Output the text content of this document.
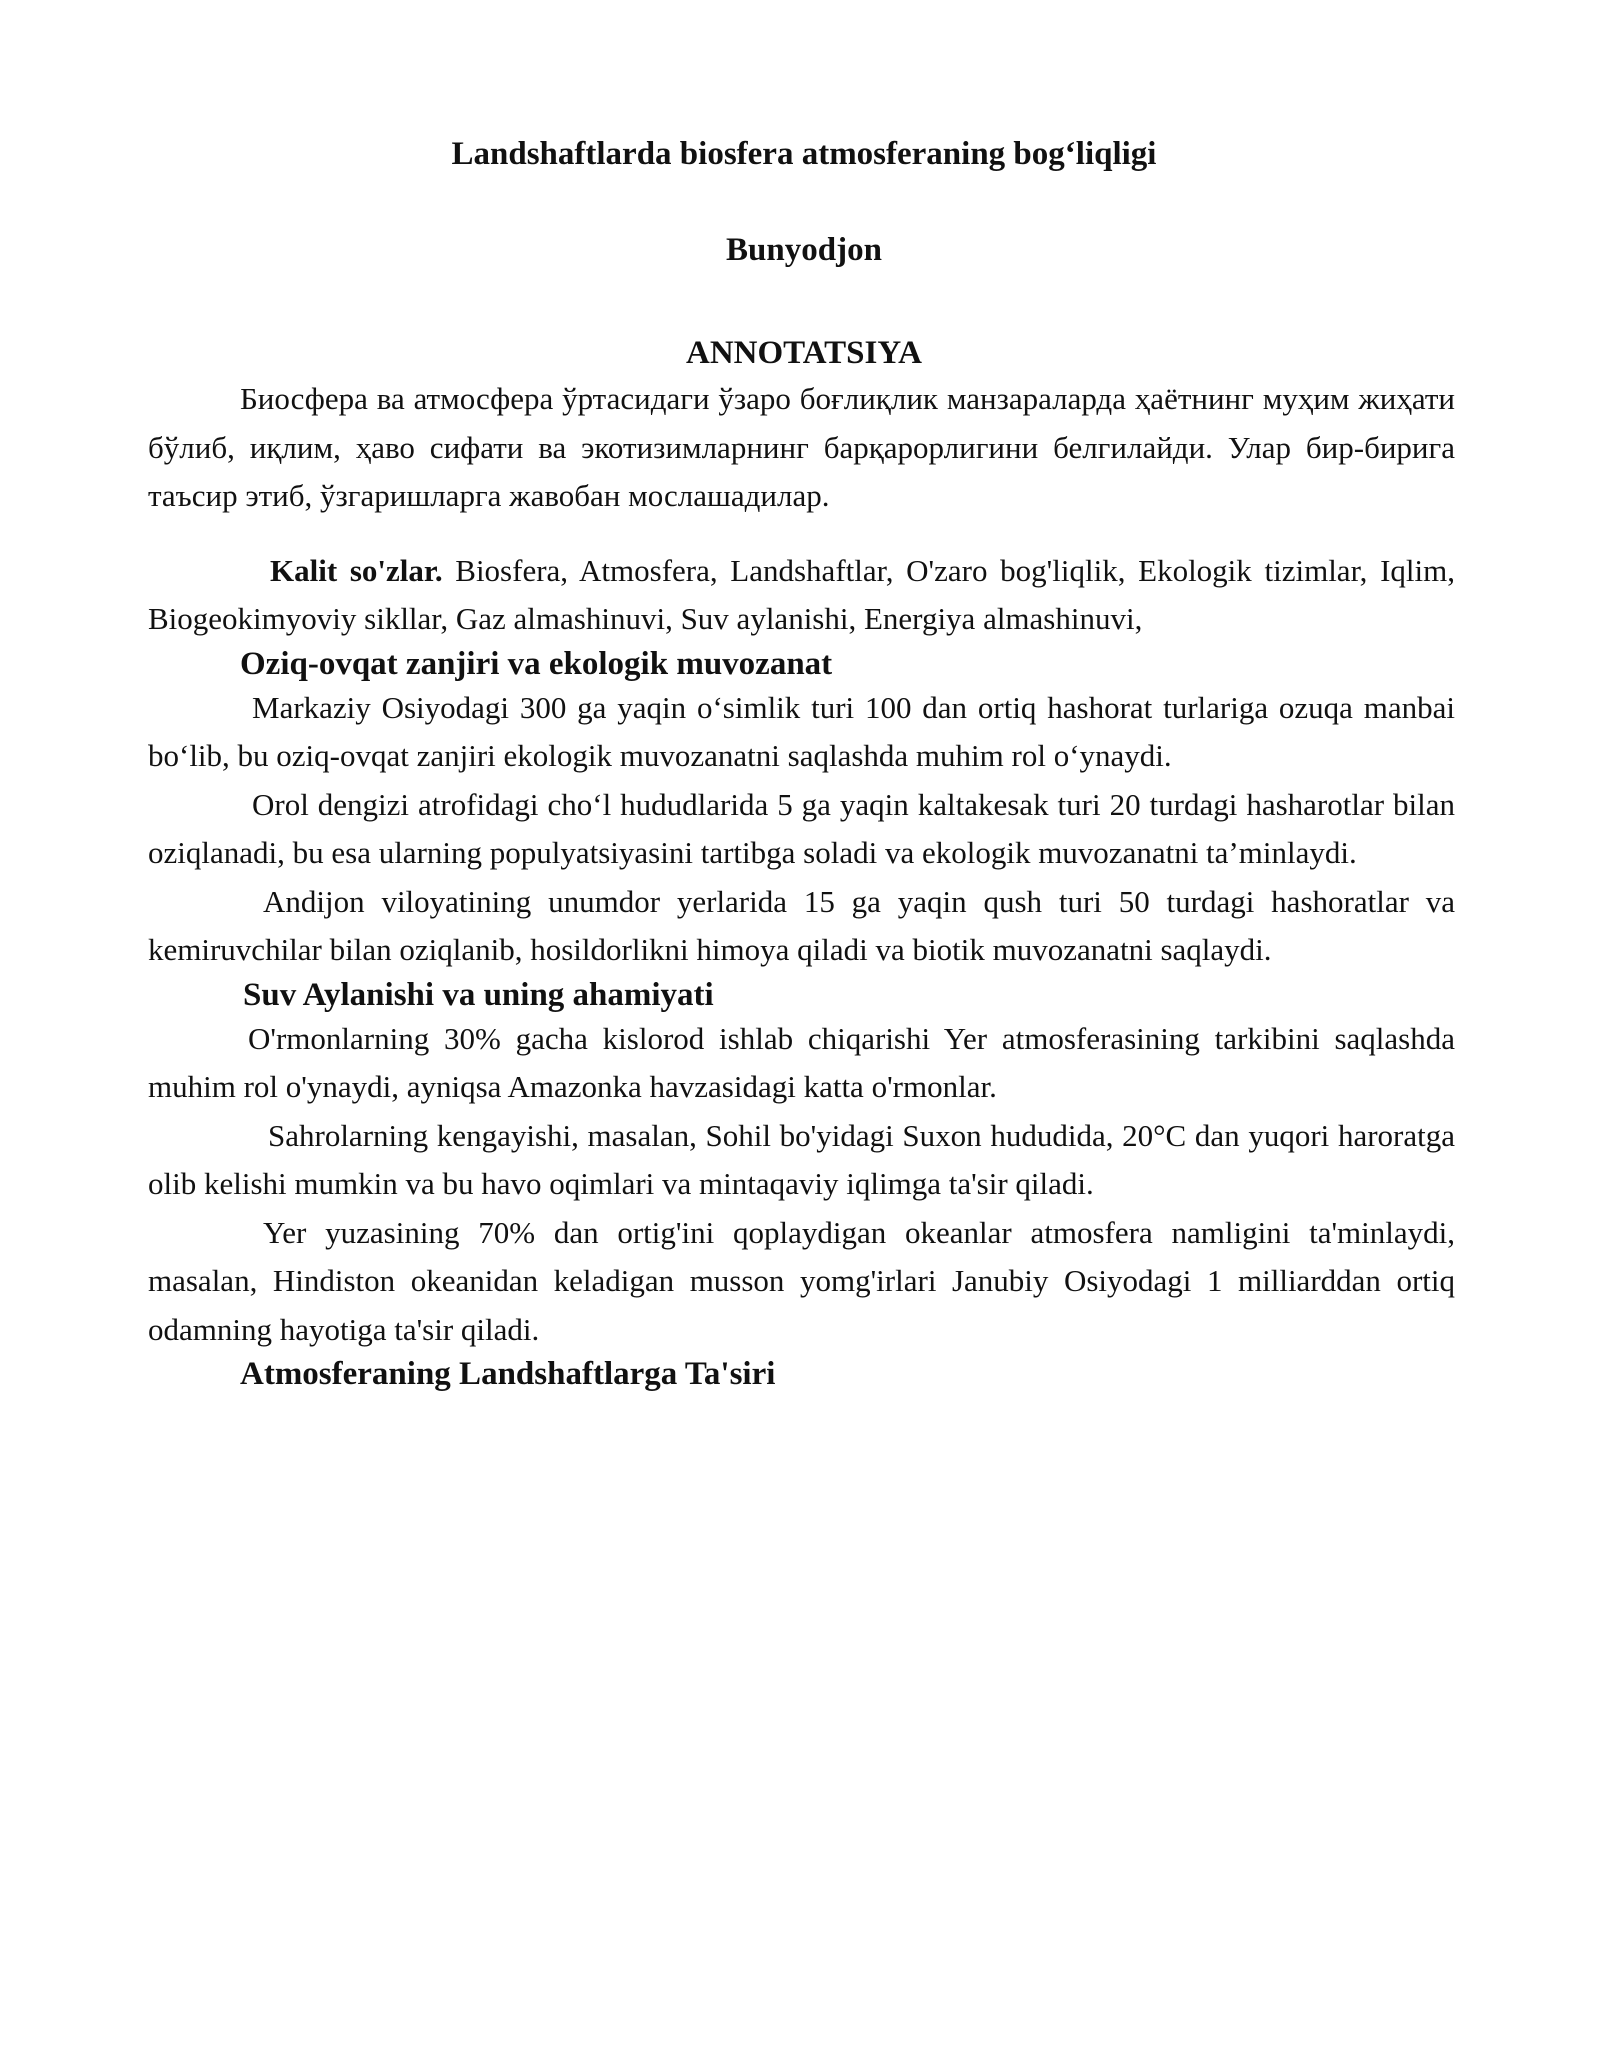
Landshaftlarda biosfera atmosferaning bog‘liqligi
Bunyodjon
ANNOTATSIYA

Биосфера ва атмосфера ўртасидаги ўзаро боғлиқлик манзараларда ҳаётнинг муҳим жиҳати бўлиб, иқлим, ҳаво сифати ва экотизимларнинг барқарорлигини белгилайди. Улар бир-бирига таъсир этиб, ўзгаришларга жавобан мослашадилар.

Kalit so'zlar. Biosfera, Atmosfera, Landshaftlar, O'zaro bog'liqlik, Ekologik tizimlar, Iqlim, Biogeokimyoviy sikllar, Gaz almashinuvi, Suv aylanishi, Energiya almashinuvi,

Oziq-ovqat zanjiri va ekologik muvozanat

Markaziy Osiyodagi 300 ga yaqin o‘simlik turi 100 dan ortiq hashorat turlariga ozuqa manbai bo‘lib, bu oziq-ovqat zanjiri ekologik muvozanatni saqlashda muhim rol o‘ynaydi.

Orol dengizi atrofidagi cho‘l hududlarida 5 ga yaqin kaltakesak turi 20 turdagi hasharotlar bilan oziqlanadi, bu esa ularning populyatsiyasini tartibga soladi va ekologik muvozanatni ta’minlaydi.

Andijon viloyatining unumdor yerlarida 15 ga yaqin qush turi 50 turdagi hashoratlar va kemiruvchilar bilan oziqlanib, hosildorlikni himoya qiladi va biotik muvozanatni saqlaydi.

Suv Aylanishi va uning ahamiyati

O'rmonlarning 30% gacha kislorod ishlab chiqarishi Yer atmosferasining tarkibini saqlashda muhim rol o'ynaydi, ayniqsa Amazonka havzasidagi katta o'rmonlar.

Sahrolarning kengayishi, masalan, Sohil bo'yidagi Suxon hududida, 20°C dan yuqori haroratga olib kelishi mumkin va bu havo oqimlari va mintaqaviy iqlimga ta'sir qiladi.

Yer yuzasining 70% dan ortig'ini qoplaydigan okeanlar atmosfera namligini ta'minlaydi, masalan, Hindiston okeanidan keladigan musson yomg'irlari Janubiy Osiyodagi 1 milliarddan ortiq odamning hayotiga ta'sir qiladi.

Atmosferaning Landshaftlarga Ta'siri
